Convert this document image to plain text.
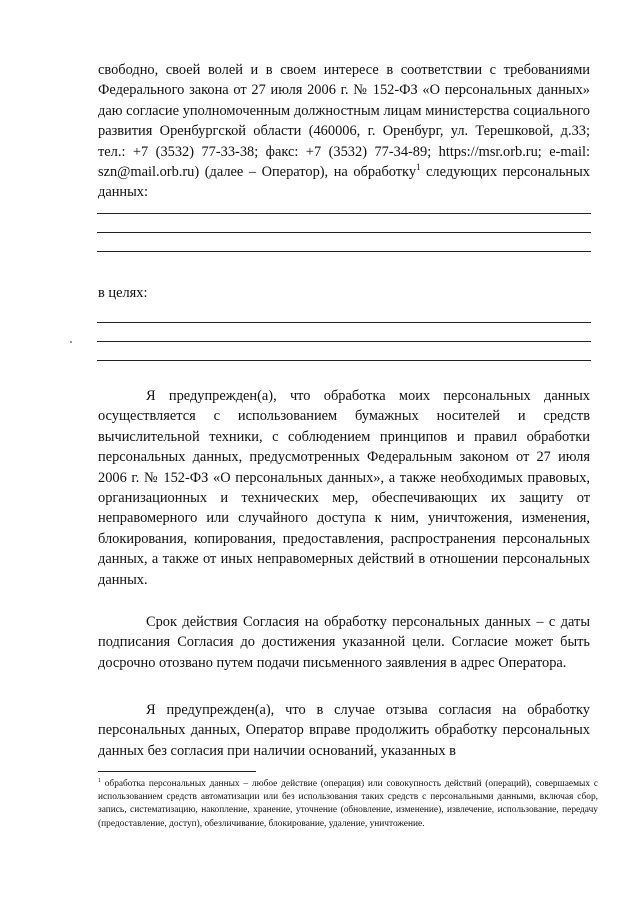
свободно, своей волей и в своем интересе в соответствии с требованиями Федерального закона от 27 июля 2006 г. № 152-ФЗ «О персональных данных» даю согласие уполномоченным должностным лицам министерства социального развития Оренбургской области (460006, г. Оренбург, ул. Терешковой, д.33; тел.: +7 (3532) 77-33-38; факс: +7 (3532) 77-34-89; https://msr.orb.ru; e-mail: szn@mail.orb.ru) (далее – Оператор), на обработку$^1$ следующих персональных данных:

в целях:

Я предупрежден(а), что обработка моих персональных данных осуществляется с использованием бумажных носителей и средств вычислительной техники, с соблюдением принципов и правил обработки персональных данных, предусмотренных Федеральным законом от 27 июля 2006 г. № 152-ФЗ «О персональных данных», а также необходимых правовых, организационных и технических мер, обеспечивающих их защиту от неправомерного или случайного доступа к ним, уничтожения, изменения, блокирования, копирования, предоставления, распространения персональных данных, а также от иных неправомерных действий в отношении персональных данных.

Срок действия Согласия на обработку персональных данных – с даты подписания Согласия до достижения указанной цели. Согласие может быть досрочно отозвано путем подачи письменного заявления в адрес Оператора.

Я предупрежден(а), что в случае отзыва согласия на обработку персональных данных, Оператор вправе продолжить обработку персональных данных без согласия при наличии оснований, указанных в

$^1$ обработка персональных данных – любое действие (операция) или совокупность действий (операций), совершаемых с использованием средств автоматизации или без использования таких средств с персональными данными, включая сбор, запись, систематизацию, накопление, хранение, уточнение (обновление, изменение), извлечение, использование, передачу (предоставление, доступ), обезличивание, блокирование, удаление, уничтожение.
